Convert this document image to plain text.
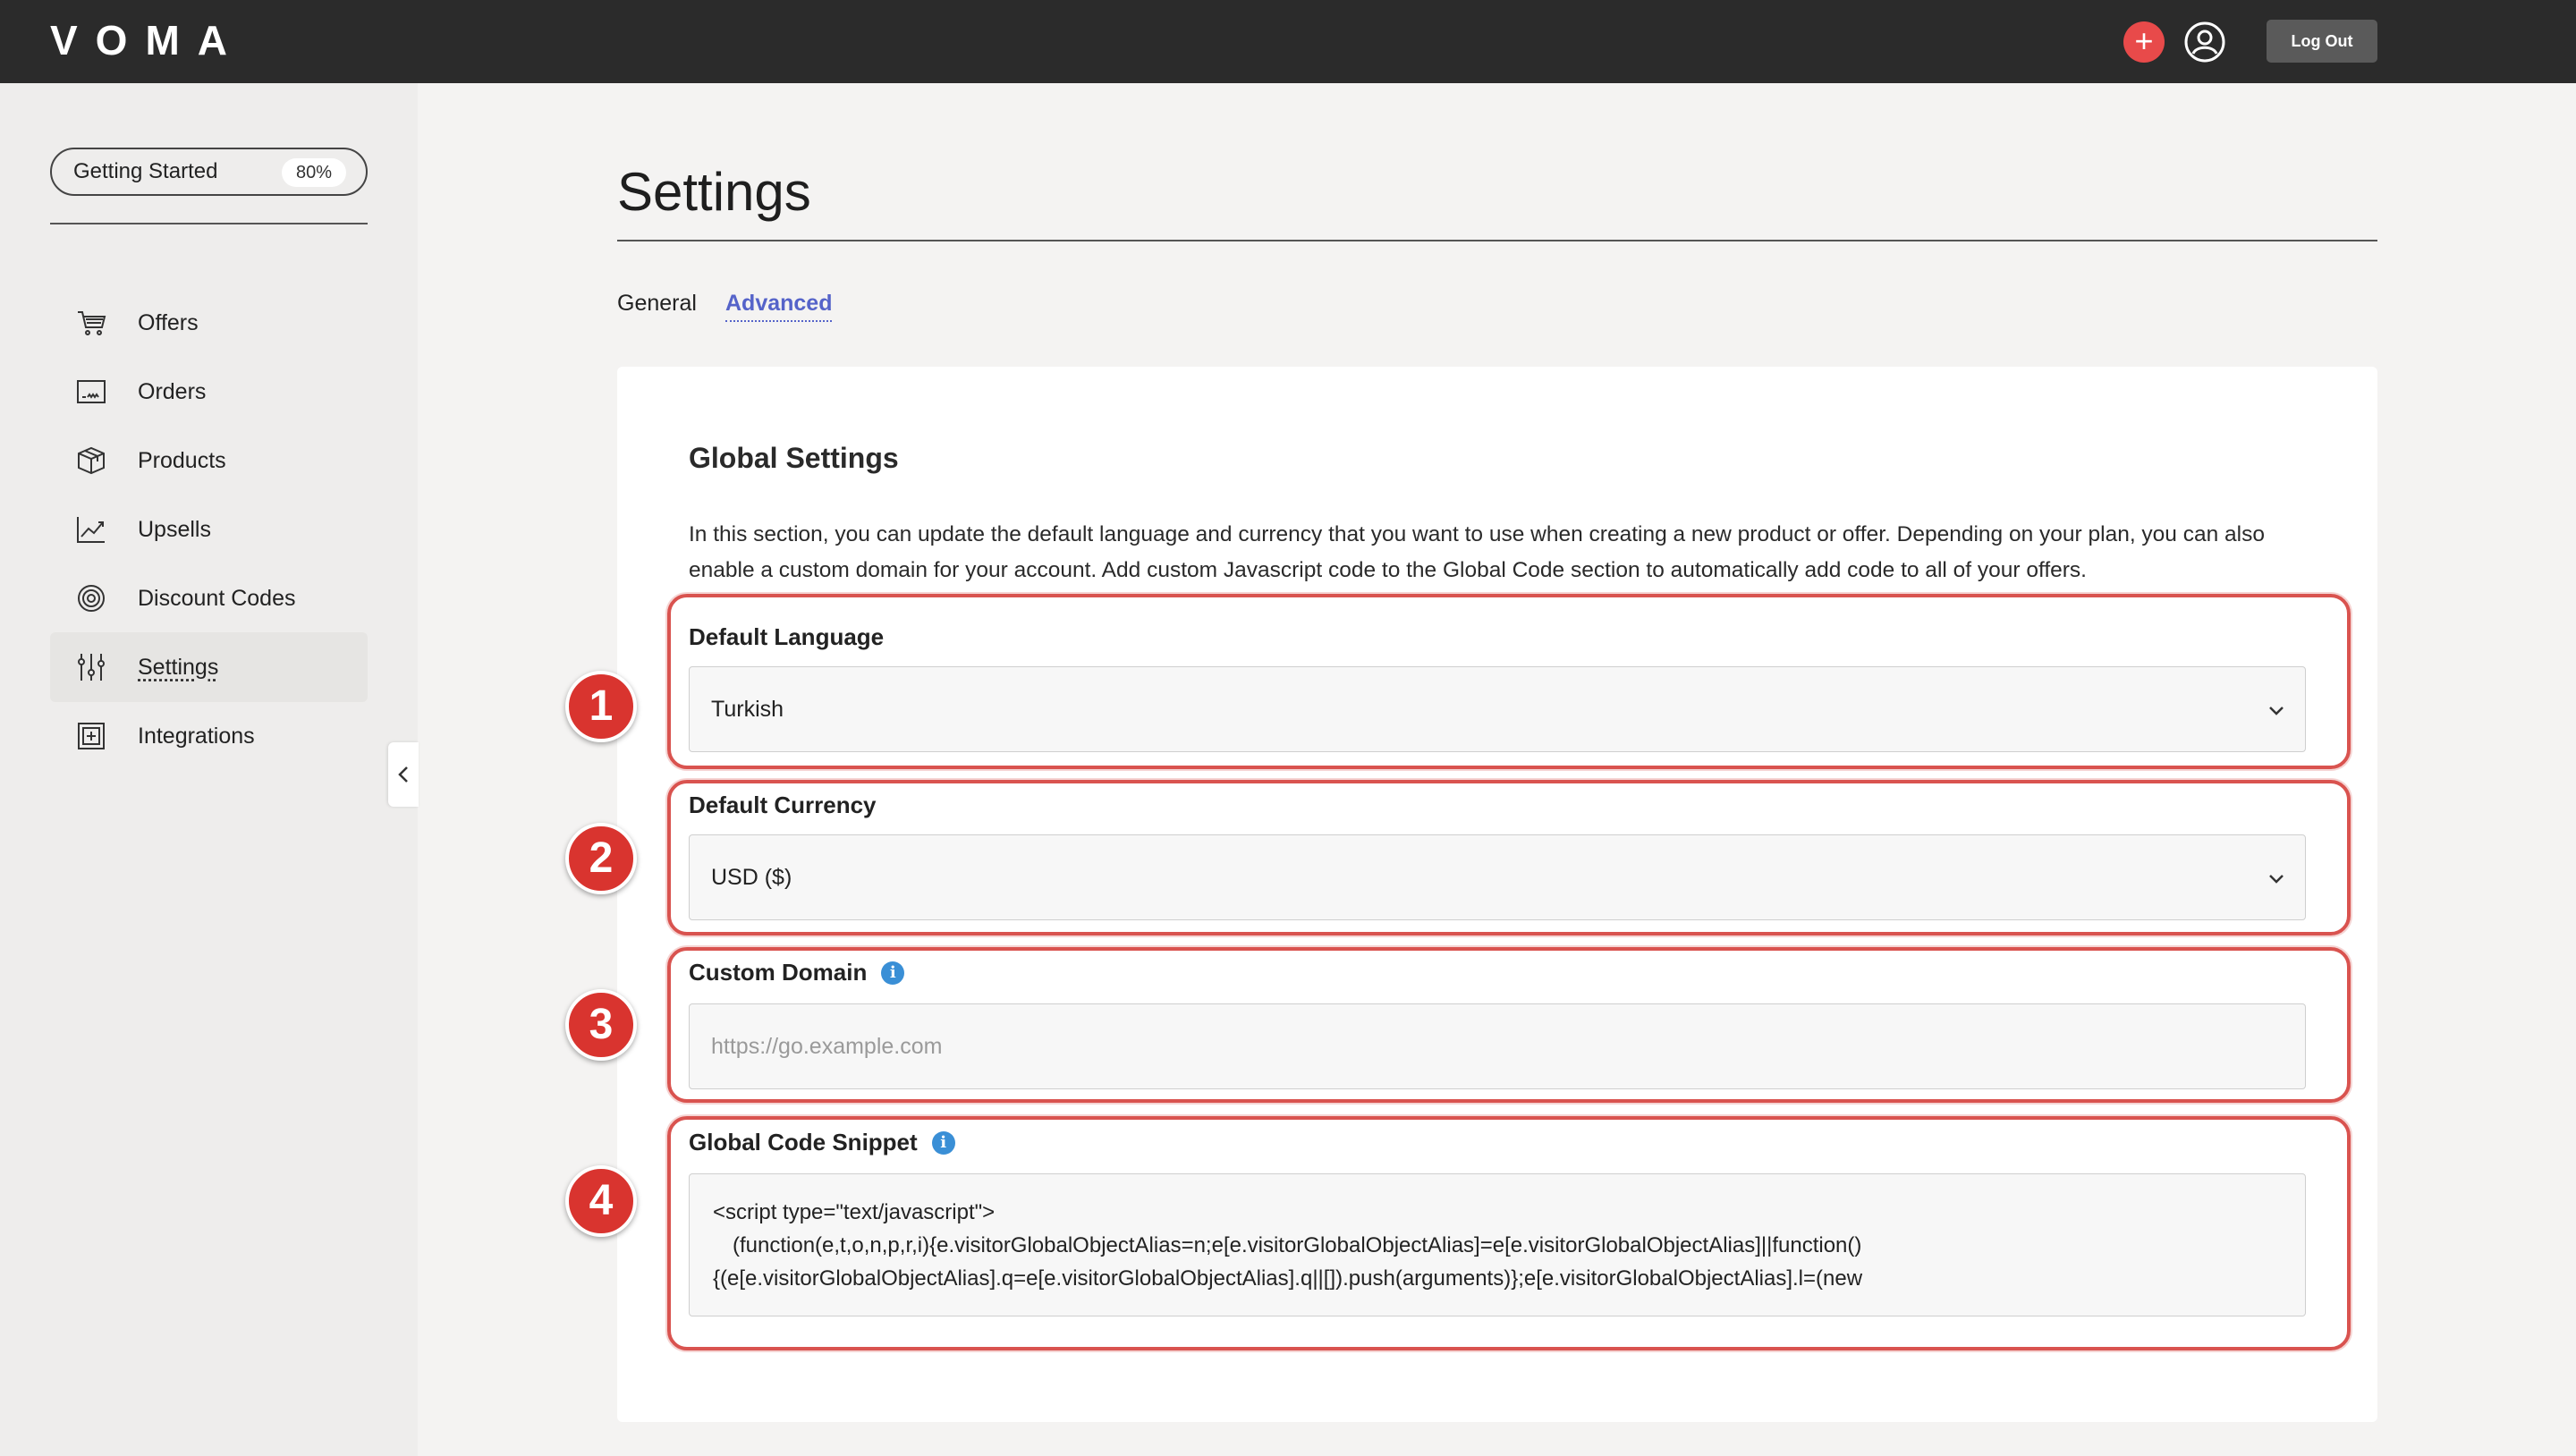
VOMA	+	Log Out
Getting Started	80%
Offers
Orders
Products
Upsells
Discount Codes
Settings
Integrations
Settings
General Advanced
Global Settings
In this section, you can update the default language and currency that you want to use when creating a new product or offer. Depending on your plan, you can also enable a custom domain for your account. Add custom Javascript code to the Global Code section to automatically add code to all of your offers.
1
Default Language
Turkish
2
Default Currency
USD ($)
3
Custom Domain	i
https://go.example.com
4
Global Code Snippet	i
<script type="text/javascript">
(function(e,t,o,n,p,r,i){e.visitorGlobalObjectAlias=n;e[e.visitorGlobalObjectAlias]=e[e.visitorGlobalObjectAlias]||function()
{(e[e.visitorGlobalObjectAlias].q=e[e.visitorGlobalObjectAlias].q||[]).push(arguments)};e[e.visitorGlobalObjectAlias].l=(new
